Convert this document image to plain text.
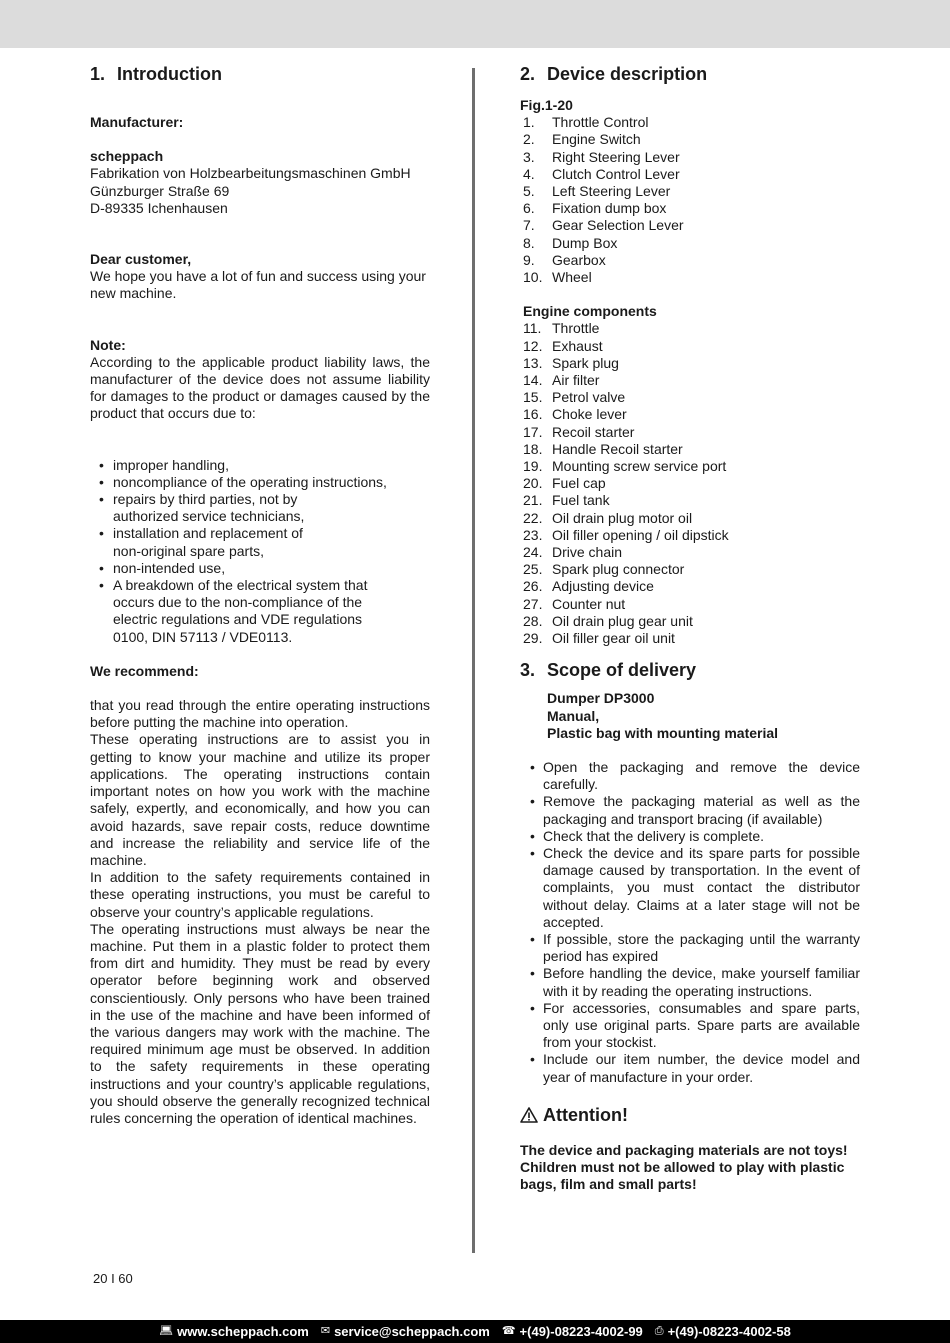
1. Introduction

Manufacturer:

scheppach

Fabrikation von Holzbearbeitungsmaschinen GmbH

Günzburger Straße 69

D-89335 Ichenhausen

Dear customer,

We hope you have a lot of fun and success using your new machine.

Note:

According to the applicable product liability laws, the manufacturer of the device does not assume liability for damages to the product or damages caused by the product that occurs due to:

• improper handling,
• noncompliance of the operating instructions,
• repairs by third parties, not by authorized service technicians,
• installation and replacement of non-original spare parts,
• non-intended use,
• A breakdown of the electrical system that occurs due to the non-compliance of the electric regulations and VDE regulations 0100, DIN 57113 / VDE0113.

We recommend:

that you read through the entire operating instructions before putting the machine into operation.

These operating instructions are to assist you in getting to know your machine and utilize its proper applications. The operating instructions contain important notes on how you work with the machine safely, expertly, and economically, and how you can avoid hazards, save repair costs, reduce downtime and increase the reliability and service life of the machine.

In addition to the safety requirements contained in these operating instructions, you must be careful to observe your country’s applicable regulations.

The operating instructions must always be near the machine. Put them in a plastic folder to protect them from dirt and humidity. They must be read by every operator before beginning work and observed conscientiously. Only persons who have been trained in the use of the machine and have been informed of the various dangers may work with the machine. The required minimum age must be observed. In addition to the safety requirements in these operating instructions and your country’s applicable regulations, you should observe the generally recognized technical rules concerning the operation of identical machines.

2. Device description

Fig.1-20

1.	Throttle Control
2.	Engine Switch
3.	Right Steering Lever
4.	Clutch Control Lever
5.	Left Steering Lever
6.	Fixation dump box
7.	Gear Selection Lever
8.	Dump Box
9.	Gearbox
10. Wheel

Engine components

11. Throttle
12. Exhaust
13. Spark plug
14. Air filter
15. Petrol valve
16. Choke lever
17. Recoil starter
18. Handle Recoil starter
19. Mounting screw service port
20. Fuel cap
21. Fuel tank
22. Oil drain plug motor oil
23. Oil filler opening / oil dipstick
24. Drive chain
25. Spark plug connector
26. Adjusting device
27. Counter nut
28. Oil drain plug gear unit
29. Oil filler gear oil unit
3. Scope of delivery

Dumper DP3000

Manual,

Plastic bag with mounting material

• Open the packaging and remove the device carefully.
• Remove the packaging material as well as the packaging and transport bracing (if available)
• Check that the delivery is complete.
• Check the device and its spare parts for possible damage caused by transportation. In the event of complaints, you must contact the distributor without delay. Claims at a later stage will not be accepted.
• If possible, store the packaging until the warranty period has expired
• Before handling the device, make yourself familiar with it by reading the operating instructions.
• For accessories, consumables and spare parts, only use original parts. Spare parts are available from your stockist.
• Include our item number, the device model and year of manufacture in your order.
Attention!

The device and packaging materials are not toys! Children must not be allowed to play with plastic bags, film and small parts!

20 I 60
💻︎ www.scheppach.com ✉ service@scheppach.com ☎ +(49)-08223-4002-99 ⎙ +(49)-08223-4002-58
